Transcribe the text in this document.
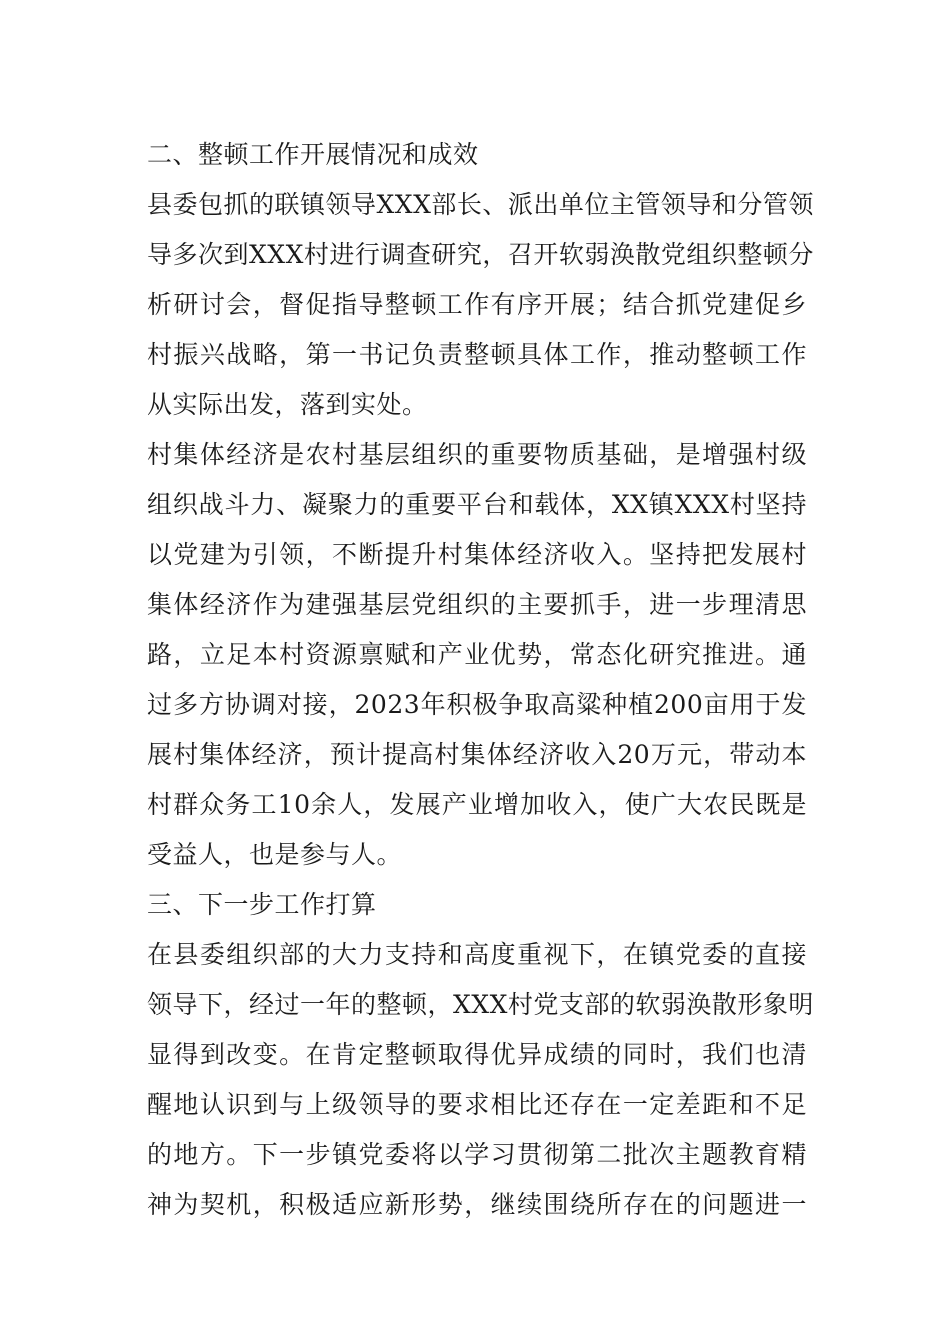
二、整顿工作开展情况和成效
县委包抓的联镇领导XXX部长、派出单位主管领导和分管领
导多次到XXX村进行调查研究，召开软弱涣散党组织整顿分
析研讨会，督促指导整顿工作有序开展；结合抓党建促乡
村振兴战略，第一书记负责整顿具体工作，推动整顿工作
从实际出发，落到实处。
村集体经济是农村基层组织的重要物质基础，是增强村级
组织战斗力、凝聚力的重要平台和载体，XX镇XXX村坚持
以党建为引领，不断提升村集体经济收入。坚持把发展村
集体经济作为建强基层党组织的主要抓手，进一步理清思
路，立足本村资源禀赋和产业优势，常态化研究推进。通
过多方协调对接，2023年积极争取高粱种植200亩用于发
展村集体经济，预计提高村集体经济收入20万元，带动本
村群众务工10余人，发展产业增加收入，使广大农民既是
受益人，也是参与人。
三、下一步工作打算
在县委组织部的大力支持和高度重视下，在镇党委的直接
领导下，经过一年的整顿，XXX村党支部的软弱涣散形象明
显得到改变。在肯定整顿取得优异成绩的同时，我们也清
醒地认识到与上级领导的要求相比还存在一定差距和不足
的地方。下一步镇党委将以学习贯彻第二批次主题教育精
神为契机，积极适应新形势，继续围绕所存在的问题进一
